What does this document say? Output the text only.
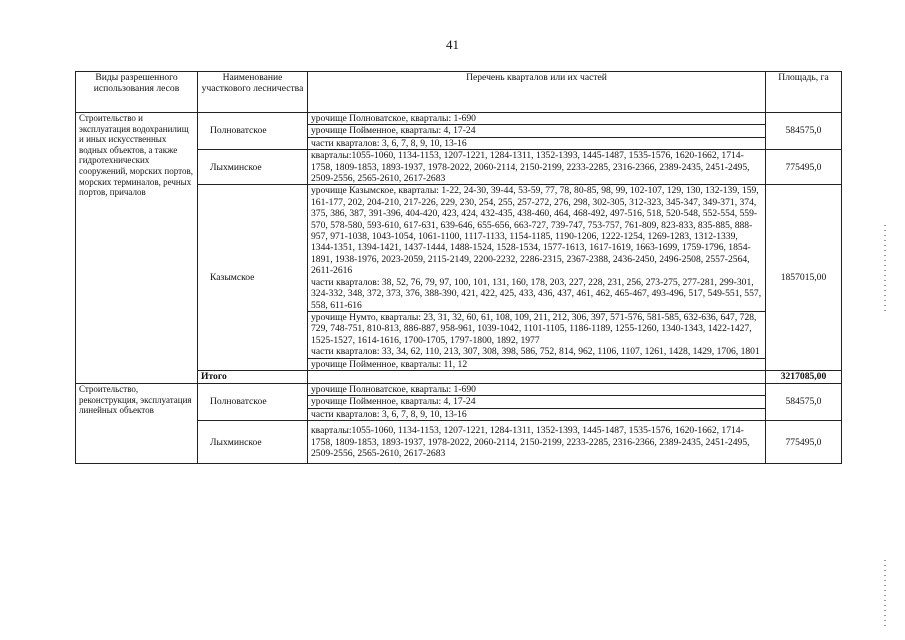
41
Виды разрешенного использования лесов	Наименование участкового лесничества	Перечень кварталов или их частей	Площадь, га
Строительство и эксплуатация водохранилищ и иных искусственных водных объектов, а также гидротехнических сооружений, морских портов, морских терминалов, речных портов, причалов	Полноватское	урочище Полноватское, кварталы: 1-690
урочище Пойменное, кварталы: 4, 17-24
части кварталов: 3, 6, 7, 8, 9, 10, 13-16	584575,0
	Лыхминское	кварталы:1055-1060, 1134-1153, 1207-1221, 1284-1311, 1352-1393, 1445-1487, 1535-1576, 1620-1662, 1714-1758, 1809-1853, 1893-1937, 1978-2022, 2060-2114, 2150-2199, 2233-2285, 2316-2366, 2389-2435, 2451-2495, 2509-2556, 2565-2610, 2617-2683	775495,0
	Казымское	урочище Казымское, кварталы: 1-22, 24-30, 39-44, 53-59, 77, 78, 80-85, 98, 99, 102-107, 129, 130, 132-139, 159, 161-177, 202, 204-210, 217-226, 229, 230, 254, 255, 257-272, 276, 298, 302-305, 312-323, 345-347, 349-371, 374, 375, 386, 387, 391-396, 404-420, 423, 424, 432-435, 438-460, 464, 468-492, 497-516, 518, 520-548, 552-554, 559-570, 578-580, 593-610, 617-631, 639-646, 655-656, 663-727, 739-747, 753-757, 761-809, 823-833, 835-885, 888-957, 971-1038, 1043-1054, 1061-1100, 1117-1133, 1154-1185, 1190-1206, 1222-1254, 1269-1283, 1312-1339, 1344-1351, 1394-1421, 1437-1444, 1488-1524, 1528-1534, 1577-1613, 1617-1619, 1663-1699, 1759-1796, 1854-1891, 1938-1976, 2023-2059, 2115-2149, 2200-2232, 2286-2315, 2367-2388, 2436-2450, 2496-2508, 2557-2564, 2611-2616
части кварталов: 38, 52, 76, 79, 97, 100, 101, 131, 160, 178, 203, 227, 228, 231, 256, 273-275, 277-281, 299-301, 324-332, 348, 372, 373, 376, 388-390, 421, 422, 425, 433, 436, 437, 461, 462, 465-467, 493-496, 517, 549-551, 557, 558, 611-616
урочище Нумто, кварталы: 23, 31, 32, 60, 61, 108, 109, 211, 212, 306, 397, 571-576, 581-585, 632-636, 647, 728, 729, 748-751, 810-813, 886-887, 958-961, 1039-1042, 1101-1105, 1186-1189, 1255-1260, 1340-1343, 1422-1427, 1525-1527, 1614-1616, 1700-1705, 1797-1800, 1892, 1977
части кварталов: 33, 34, 62, 110, 213, 307, 308, 398, 586, 752, 814, 962, 1106, 1107, 1261, 1428, 1429, 1706, 1801
урочище Пойменное, кварталы: 11, 12	1857015,00
	Итого		3217085,00
Строительство, реконструкция, эксплуатация линейных объектов	Полноватское	урочище Полноватское, кварталы: 1-690
урочище Пойменное, кварталы: 4, 17-24
части кварталов: 3, 6, 7, 8, 9, 10, 13-16	584575,0
	Лыхминское	кварталы:1055-1060, 1134-1153, 1207-1221, 1284-1311, 1352-1393, 1445-1487, 1535-1576, 1620-1662, 1714-1758, 1809-1853, 1893-1937, 1978-2022, 2060-2114, 2150-2199, 2233-2285, 2316-2366, 2389-2435, 2451-2495, 2509-2556, 2565-2610, 2617-2683	775495,0
